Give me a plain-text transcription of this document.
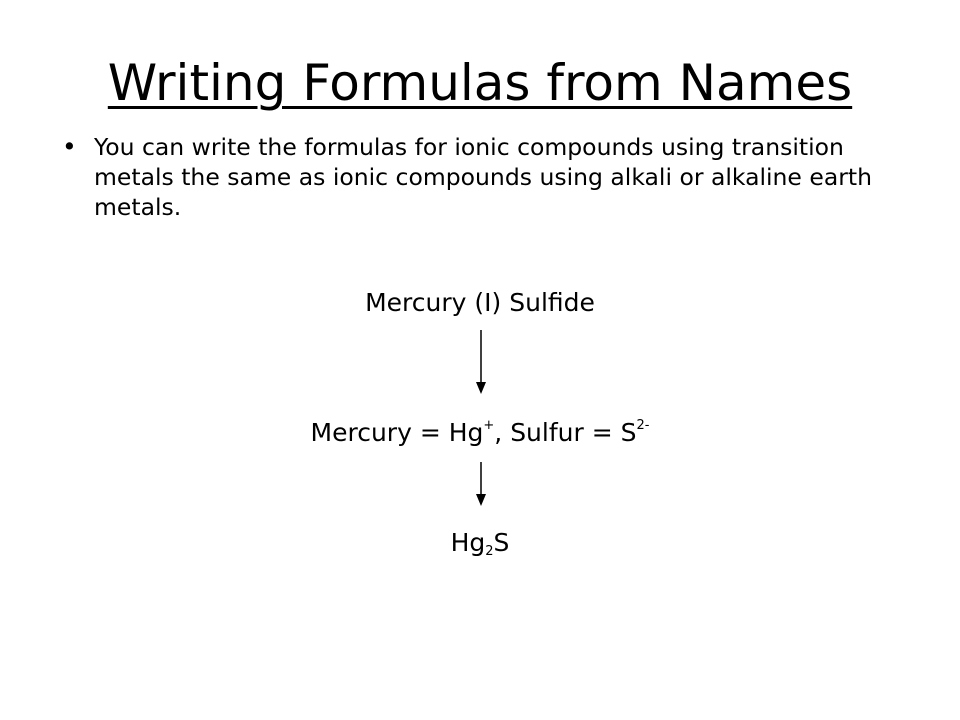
Writing Formulas from Names
• You can write the formulas for ionic compounds using transition metals the same as ionic compounds using alkali or alkaline earth metals.
Mercury (I) Sulfide
Mercury = Hg+, Sulfur = $S^{2-}$
$Hg_2S$
